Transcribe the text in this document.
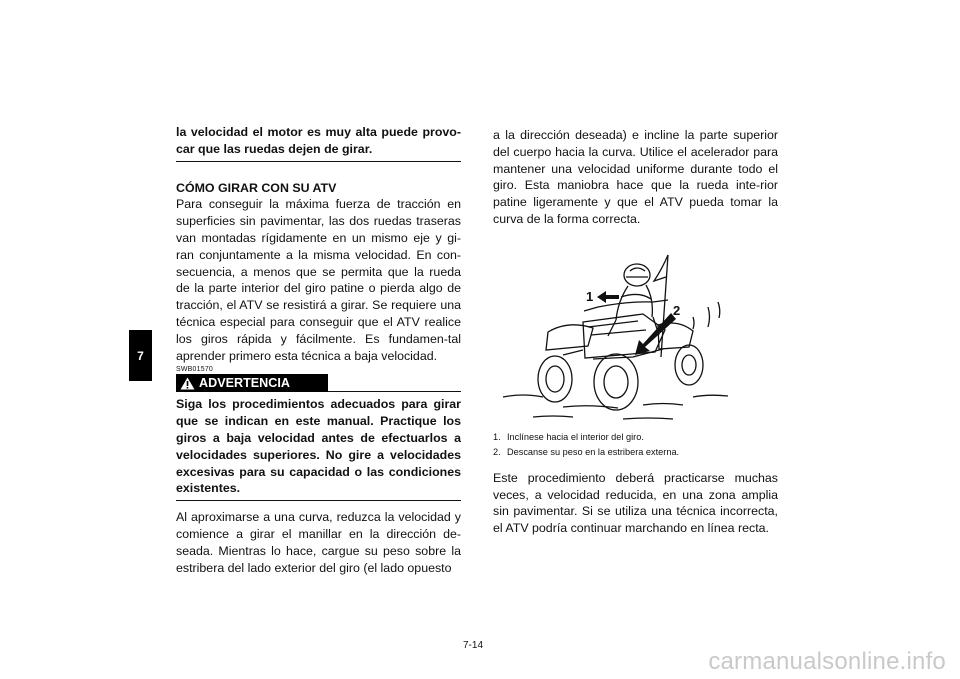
7

la velocidad el motor es muy alta puede provo-car que las ruedas dejen de girar.

CÓMO GIRAR CON SU ATV

Para conseguir la máxima fuerza de tracción en superficies sin pavimentar, las dos ruedas traseras van montadas rígidamente en un mismo eje y gi-ran conjuntamente a la misma velocidad. En con-secuencia, a menos que se permita que la rueda de la parte interior del giro patine o pierda algo de tracción, el ATV se resistirá a girar. Se requiere una técnica especial para conseguir que el ATV realice los giros rápida y fácilmente. Es fundamen-tal aprender primero esta técnica a baja velocidad.

SWB01570
ADVERTENCIA

Siga los procedimientos adecuados para girar que se indican en este manual. Practique los giros a baja velocidad antes de efectuarlos a velocidades superiores. No gire a velocidades excesivas para su capacidad o las condiciones existentes.

Al aproximarse a una curva, reduzca la velocidad y comience a girar el manillar en la dirección de-seada. Mientras lo hace, cargue su peso sobre la estribera del lado exterior del giro (el lado opuesto

a la dirección deseada) e incline la parte superior del cuerpo hacia la curva. Utilice el acelerador para mantener una velocidad uniforme durante todo el giro. Esta maniobra hace que la rueda inte-rior patine ligeramente y que el ATV pueda tomar la curva de la forma correcta.

1
2
1. Inclínese hacia el interior del giro.
2. Descanse su peso en la estribera externa.

Este procedimiento deberá practicarse muchas veces, a velocidad reducida, en una zona amplia sin pavimentar. Si se utiliza una técnica incorrecta, el ATV podría continuar marchando en línea recta.

7-14
carmanualsonline.info
